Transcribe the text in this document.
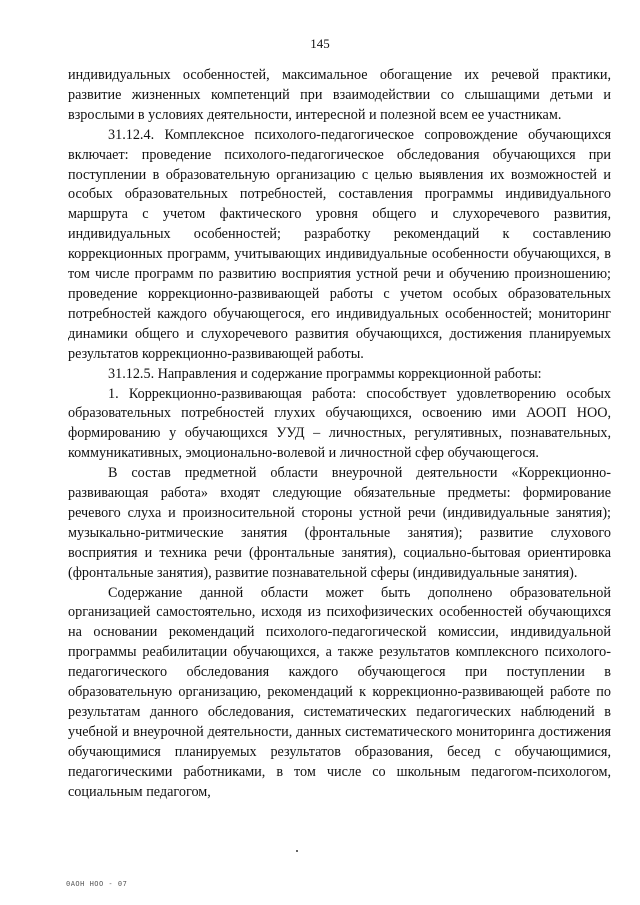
145

индивидуальных особенностей, максимальное обогащение их речевой практики, развитие жизненных компетенций при взаимодействии со слышащими детьми и взрослыми в условиях деятельности, интересной и полезной всем ее участникам.

31.12.4. Комплексное психолого-педагогическое сопровождение обучающихся включает: проведение психолого-педагогическое обследования обучающихся при поступлении в образовательную организацию с целью выявления их возможностей и особых образовательных потребностей, составления программы индивидуального маршрута с учетом фактического уровня общего и слухоречевого развития, индивидуальных особенностей; разработку рекомендаций к составлению коррекционных программ, учитывающих индивидуальные особенности обучающихся, в том числе программ по развитию восприятия устной речи и обучению произношению; проведение коррекционно-развивающей работы с учетом особых образовательных потребностей каждого обучающегося, его индивидуальных особенностей; мониторинг динамики общего и слухоречевого развития обучающихся, достижения планируемых результатов коррекционно-развивающей работы.

31.12.5. Направления и содержание программы коррекционной работы:

1. Коррекционно-развивающая работа: способствует удовлетворению особых образовательных потребностей глухих обучающихся, освоению ими АООП НОО, формированию у обучающихся УУД – личностных, регулятивных, познавательных, коммуникативных, эмоционально-волевой и личностной сфер обучающегося.

В состав предметной области внеурочной деятельности «Коррекционно-развивающая работа» входят следующие обязательные предметы: формирование речевого слуха и произносительной стороны устной речи (индивидуальные занятия); музыкально-ритмические занятия (фронтальные занятия); развитие слухового восприятия и техника речи (фронтальные занятия), социально-бытовая ориентировка (фронтальные занятия), развитие познавательной сферы (индивидуальные занятия).

Содержание данной области может быть дополнено образовательной организацией самостоятельно, исходя из психофизических особенностей обучающихся на основании рекомендаций психолого-педагогической комиссии, индивидуальной программы реабилитации обучающихся, а также результатов комплексного психолого-педагогического обследования каждого обучающегося при поступлении в образовательную организацию, рекомендаций к коррекционно-развивающей работе по результатам данного обследования, систематических педагогических наблюдений в учебной и внеурочной деятельности, данных систематического мониторинга достижения обучающимися планируемых результатов образования, бесед с обучающимися, педагогическими работниками, в том числе со школьным педагогом-психологом, социальным педагогом,

0AOH HOO - 07
